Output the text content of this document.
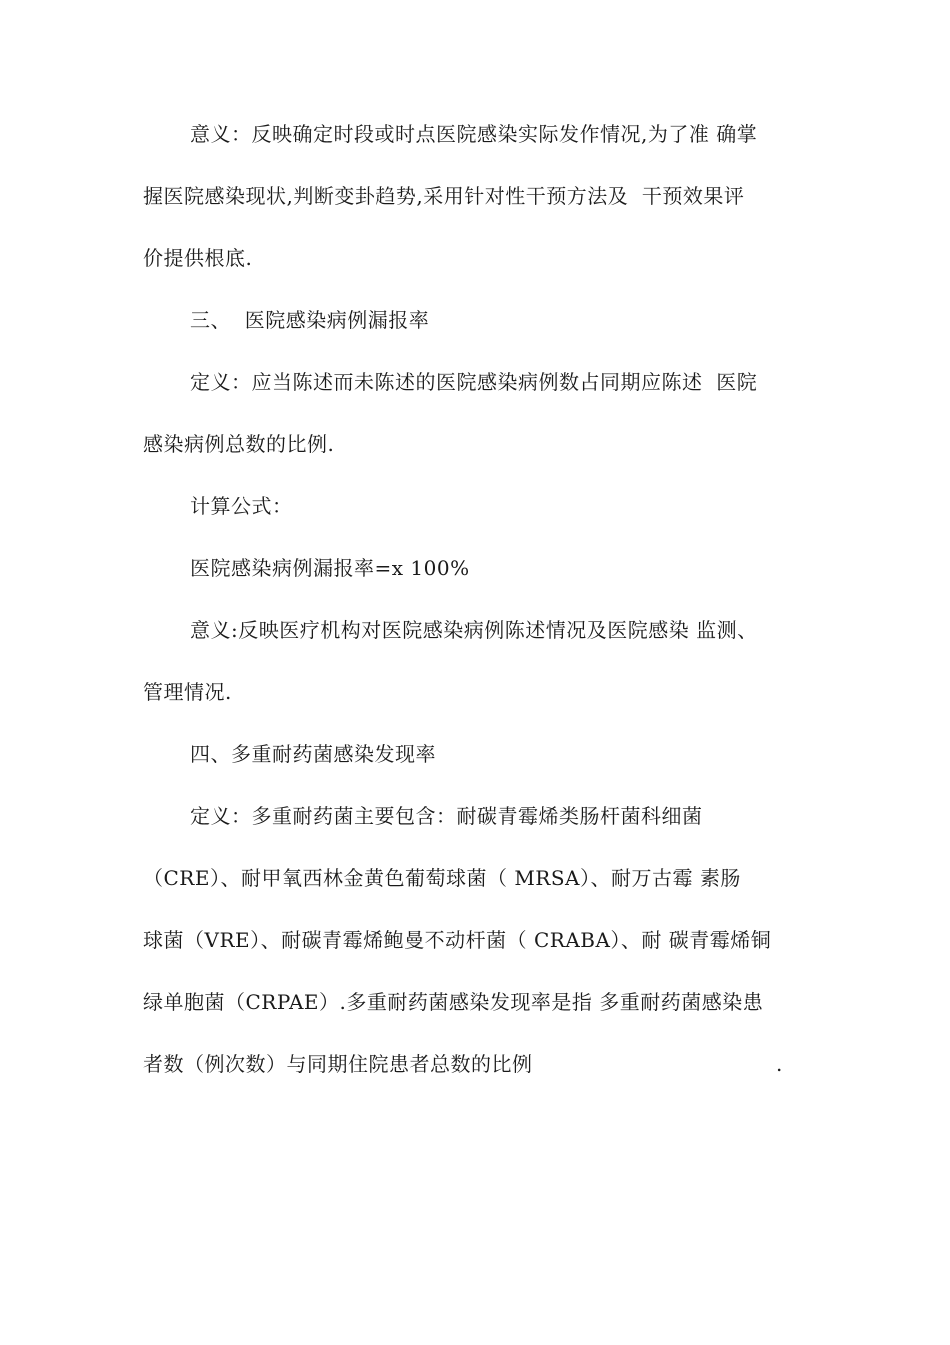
意义：反映确定时段或时点医院感染实际发作情况,为了准 确掌
握医院感染现状,判断变卦趋势,采用针对性干预方法及  干预效果评
价提供根底.
三、  医院感染病例漏报率
定义：应当陈述而未陈述的医院感染病例数占同期应陈述  医院
感染病例总数的比例.
计算公式：
医院感染病例漏报率=x 100%
意义:反映医疗机构对医院感染病例陈述情况及医院感染 监测、
管理情况.
四、多重耐药菌感染发现率
定义：多重耐药菌主要包含：耐碳青霉烯类肠杆菌科细菌
（CRE）、耐甲氧西林金黄色葡萄球菌（ MRSA）、耐万古霉 素肠
球菌（VRE）、耐碳青霉烯鲍曼不动杆菌（ CRABA）、耐 碳青霉烯铜
绿单胞菌（CRPAE）.多重耐药菌感染发现率是指 多重耐药菌感染患
者数（例次数）与同期住院患者总数的比例	.
